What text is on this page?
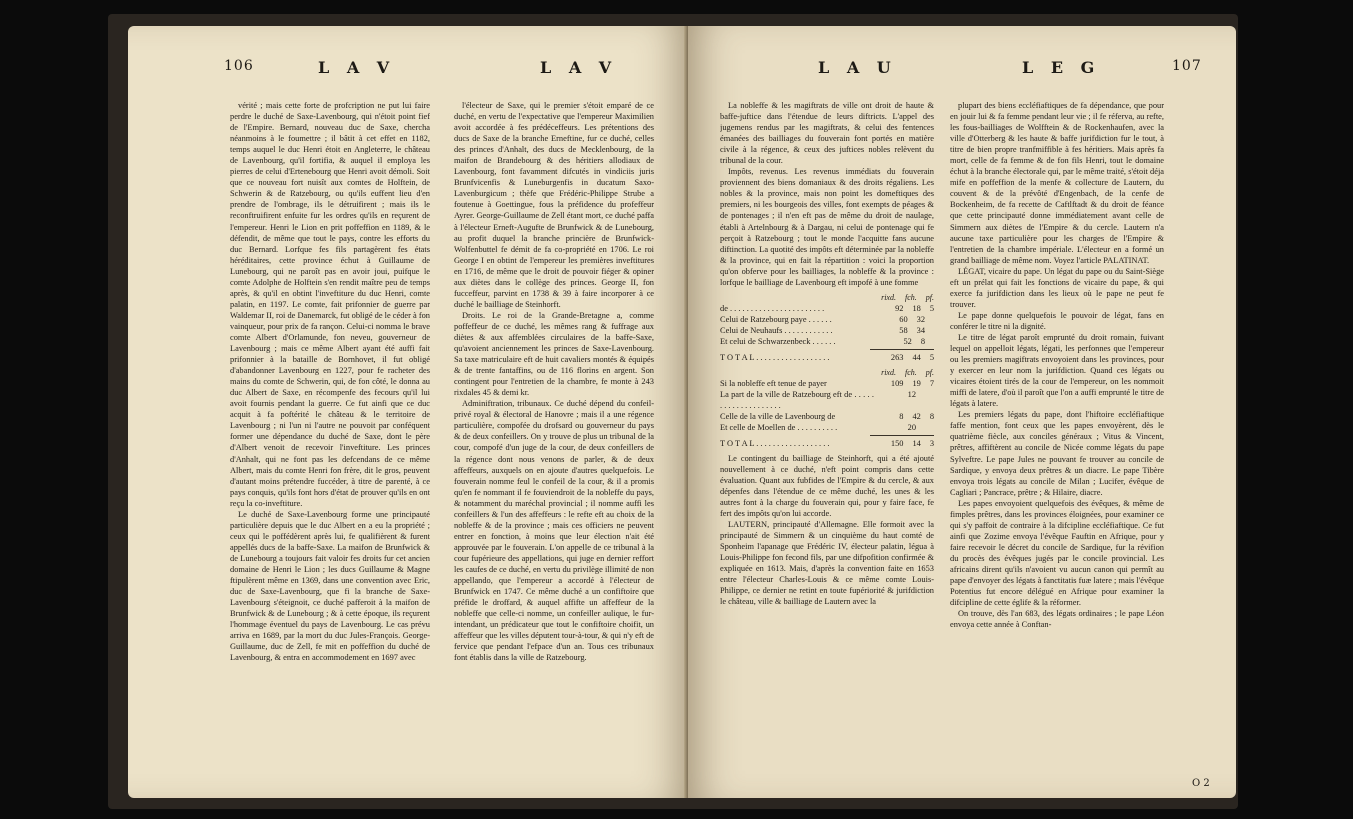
106	L A V	L A V

vérité ; mais cette forte de profcription ne put lui faire perdre le duché de Saxe-Lavenbourg, qui n'étoit point fief de l'Empire. Bernard, nouveau duc de Saxe, chercha néanmoins à le foumettre ; il bâtit à cet effet en 1182, temps auquel le duc Henri étoit en Angleterre, le château de Lavenbourg, qu'il fortifia, & auquel il employa les pierres de celui d'Ertenebourg que Henri avoit démoli. Soit que ce nouveau fort nuisît aux comtes de Holftein, de Schwerin & de Ratzebourg, ou qu'ils euffent lieu d'en prendre de l'ombrage, ils le détruifirent ; mais ils le reconftruifirent enfuite fur les ordres qu'ils en reçurent de l'empereur. Henri le Lion en prit poffeffion en 1189, & le défendit, de même que tout le pays, contre les efforts du duc Bernard. Lorfque fes fils partagèrent fes états héréditaires, cette province échut à Guillaume de Lunebourg, qui ne paroît pas en avoir joui, puifque le comte Adolphe de Holftein s'en rendit maître peu de temps après, & qu'il en obtint l'inveftiture du duc Henri, comte palatin, en 1197. Le comte, fait prifonnier de guerre par Waldemar II, roi de Danemarck, fut obligé de le céder à fon vainqueur, pour prix de fa rançon. Celui-ci nomma le brave comte Albert d'Orlamunde, fon neveu, gouverneur de Lavenbourg ; mais ce même Albert ayant été auffi fait prifonnier à la bataille de Bornhovet, il fut obligé d'abandonner Lavenbourg en 1227, pour fe racheter des mains du comte de Schwerin, qui, de fon côté, le donna au duc Albert de Saxe, en récompenfe des fecours qu'il lui avoit fournis pendant la guerre. Ce fut ainfi que ce duc acquit à fa poftérité le château & le territoire de Lavenbourg ; ni l'un ni l'autre ne pouvoit par conféquent former une dépendance du duché de Saxe, dont le père d'Albert venoit de recevoir l'inveftiture. Les princes d'Anhalt, qui ne font pas les defcendans de ce même Albert, mais du comte Henri fon frère, dit le gros, peuvent d'autant moins prétendre fuccéder, à titre de parenté, à ce pays conquis, qu'ils font hors d'état de prouver qu'ils en ont reçu la co-inveftiture.

Le duché de Saxe-Lavenbourg forme une principauté particulière depuis que le duc Albert en a eu la propriété ; ceux qui le poffédèrent après lui, fe qualifièrent & furent appellés ducs de la baffe-Saxe. La maifon de Brunfwick & de Lunebourg a toujours fait valoir fes droits fur cet ancien domaine de Henri le Lion ; les ducs Guillaume & Magne ftipulèrent même en 1369, dans une convention avec Eric, duc de Saxe-Lavenbourg, que fi la branche de Saxe-Lavenbourg s'éteignoit, ce duché pafferoit à la maifon de Brunfwick & de Lunebourg ; & à cette époque, ils reçurent l'hommage éventuel du pays de Lavenbourg. Le cas prévu arriva en 1689, par la mort du duc Jules-François. George-Guillaume, duc de Zell, fe mit en poffeffion du duché de Lavenbourg, & entra en accommodement en 1697 avec

l'électeur de Saxe, qui le premier s'étoit emparé de ce duché, en vertu de l'expectative que l'empereur Maximilien avoit accordée à fes prédéceffeurs. Les prétentions des ducs de Saxe de la branche Erneftine, fur ce duché, celles des princes d'Anhalt, des ducs de Mecklenbourg, de la maifon de Brandebourg & des héritiers allodiaux de Lavenbourg, font favamment difcutés in vindiciis juris Brunfvicenfis & Luneburgenfis in ducatum Saxo-Lavenburgicum ; thèfe que Frédéric-Philippe Strube a foutenue à Goettingue, fous la préfidence du profeffeur Ayrer. George-Guillaume de Zell étant mort, ce duché paffa à l'électeur Erneft-Augufte de Brunfwick & de Lunebourg, au profit duquel la branche princière de Brunfwick-Wolfenbuttel fe démit de fa co-propriété en 1706. Le roi George I en obtint de l'empereur les premières inveftitures en 1716, de même que le droit de pouvoir fiéger & opiner aux diètes dans le collège des princes. George II, fon fucceffeur, parvint en 1738 & 39 à faire incorporer à ce duché le bailliage de Steinhorft.

Droits. Le roi de la Grande-Bretagne a, comme poffeffeur de ce duché, les mêmes rang & fuffrage aux diètes & aux affemblées circulaires de la baffe-Saxe, qu'avoient anciennement les princes de Saxe-Lavenbourg. Sa taxe matriculaire eft de huit cavaliers montés & équipés & de trente fantaffins, ou de 116 florins en argent. Son contingent pour l'entretien de la chambre, fe monte à 243 rixdales 45 & demi kr.

Adminiftration, tribunaux. Ce duché dépend du confeil-privé royal & électoral de Hanovre ; mais il a une régence particulière, compofée du drofsard ou gouverneur du pays & de deux confeillers. On y trouve de plus un tribunal de la cour, compofé d'un juge de la cour, de deux confeillers de la régence dont nous venons de parler, & de deux affeffeurs, auxquels on en ajoute d'autres quelquefois. Le fouverain nomme feul le confeil de la cour, & il a promis qu'en fe nommant il fe fouviendroit de la nobleffe du pays, & notamment du maréchal provincial ; il nomme auffi les confeillers & l'un des affeffeurs : le refte eft au choix de la nobleffe & de la province ; mais ces officiers ne peuvent entrer en fonction, à moins que leur élection n'ait été approuvée par le fouverain. L'on appelle de ce tribunal à la cour fupérieure des appellations, qui juge en dernier reffort les caufes de ce duché, en vertu du privilège illimité de non appellando, que l'empereur a accordé à l'électeur de Brunfwick en 1747. Ce même duché a un confiftoire que préfide le droffard, & auquel affifte un affeffeur de la nobleffe que celle-ci nomme, un confeiller aulique, le fur-intendant, un prédicateur que tout le confiftoire choifit, un affeffeur que les villes députent tour-à-tour, & qui n'y eft de fervice que pendant l'efpace d'un an. Tous ces tribunaux font établis dans la ville de Ratzebourg.

L A U	L E G	107

La nobleffe & les magiftrats de ville ont droit de haute & baffe-juftice dans l'étendue de leurs diftricts. L'appel des jugemens rendus par les magiftrats, & celui des fentences émanées des bailliages du fouverain font portés en matière civile à la régence, & ceux des juftices nobles relèvent du tribunal de la cour.

Impôts, revenus. Les revenus immédiats du fouverain proviennent des biens domaniaux & des droits régaliens. Les nobles & la province, mais non point les domeftiques des premiers, ni les bourgeois des villes, font exempts de péages & de pontenages ; il n'en eft pas de même du droit de naulage, établi à Artelnbourg & à Dargau, ni celui de pontenage qui fe perçoit à Ratzebourg ; tout le monde l'acquitte fans aucune diftinction. La quotité des impôts eft déterminée par la nobleffe & la province, qui en fait la répartition : voici la proportion qu'on obferve pour les bailliages, la nobleffe & la province : lorfque le bailliage de Lavenbourg eft impofé à une fomme

rixd. fch. pf.
de . . . . . . . . . . . . . . . . . . . . . . .	92 18 5
Celui de Ratzebourg paye . . . . . .	60 32
Celui de Neuhaufs . . . . . . . . . . . .	58 34
Et celui de Schwarzenbeck . . . . . .	52 8
T O T A L . . . . . . . . . . . . . . . . . .	263 44 5
rixd. fch. pf.
Si la nobleffe eft tenue de payer	109 19 7
La part de la ville de Ratzebourg eft de . . . . . . . . . . . . . . . . . . . .
12
Celle de la ville de Lavenbourg de	8 42 8
Et celle de Moellen de . . . . . . . . . .	20
T O T A L . . . . . . . . . . . . . . . . . .	150 14 3

Le contingent du bailliage de Steinhorft, qui a été ajouté nouvellement à ce duché, n'eft point compris dans cette évaluation. Quant aux fubfides de l'Empire & du cercle, & aux dépenfes dans l'étendue de ce même duché, les unes & les autres font à la charge du fouverain qui, pour y faire face, fe fert des impôts qu'on lui accorde.

LAUTERN, principauté d'Allemagne. Elle formoit avec la principauté de Simmern & un cinquième du haut comté de Sponheim l'apanage que Frédéric IV, électeur palatin, légua à Louis-Philippe fon fecond fils, par une difpofition confirmée & expliquée en 1613. Mais, d'après la convention faite en 1653 entre l'électeur Charles-Louis & ce même comte Louis-Philippe, ce dernier ne retint en toute fupériorité & jurifdiction le château, ville & bailliage de Lautern avec la

plupart des biens eccléfiaftiques de fa dépendance, que pour en jouir lui & fa femme pendant leur vie ; il fe réferva, au refte, les fous-bailliages de Wolfftein & de Rockenhaufen, avec la ville d'Otterberg & les haute & baffe jurifdiction fur le tout, à titre de bien propre tranfmiffible à fes héritiers. Mais après fa mort, celle de fa femme & de fon fils Henri, tout le domaine échut à la branche électorale qui, par le même traité, s'étoit déja mife en poffeffion de la menfe & collecture de Lautern, du couvent & de la prévôté d'Engenbach, de la cenfe de Bockenheim, de fa recette de Caftlftadt & du droit de féance que cette principauté donne immédiatement avant celle de Simmern aux diètes de l'Empire & du cercle. Lautern n'a aucune taxe particulière pour les charges de l'Empire & l'entretien de la chambre impériale. L'électeur en a formé un grand bailliage de même nom. Voyez l'article PALATINAT.

LÉGAT, vicaire du pape. Un légat du pape ou du Saint-Siège eft un prélat qui fait les fonctions de vicaire du pape, & qui exerce fa jurifdiction dans les lieux où le pape ne peut fe trouver.

Le pape donne quelquefois le pouvoir de légat, fans en conférer le titre ni la dignité.

Le titre de légat paroît emprunté du droit romain, fuivant lequel on appelloit légats, légati, les perfonnes que l'empereur ou les premiers magiftrats envoyoient dans les provinces, pour y exercer en leur nom la jurifdiction. Quand ces légats ou vicaires étoient tirés de la cour de l'empereur, on les nommoit miffi de latere, d'où il paroît que l'on a auffi emprunté le titre de légats à latere.

Les premiers légats du pape, dont l'hiftoire eccléfiaftique faffe mention, font ceux que les papes envoyèrent, dès le quatrième fiècle, aux conciles généraux ; Vitus & Vincent, prêtres, affiftèrent au concile de Nicée comme légats du pape Sylveftre. Le pape Jules ne pouvant fe trouver au concile de Sardique, y envoya deux prêtres & un diacre. Le pape Tibère envoya trois légats au concile de Milan ; Lucifer, évêque de Cagliari ; Pancrace, prêtre ; & Hilaire, diacre.

Les papes envoyoient quelquefois des évêques, & même de fimples prêtres, dans les provinces éloignées, pour examiner ce qui s'y paffoit de contraire à la difcipline eccléfiaftique. Ce fut ainfi que Zozime envoya l'évêque Fauftin en Afrique, pour y faire recevoir le décret du concile de Sardique, fur la révifion du procès des évêques jugés par le concile provincial. Les africains dirent qu'ils n'avoient vu aucun canon qui permît au pape d'envoyer des légats à fanctitatis fuæ latere ; mais l'évêque Potentius fut encore délégué en Afrique pour examiner la difcipline de cette églife & la réformer.

On trouve, dès l'an 683, des légats ordinaires ; le pape Léon envoya cette année à Conftan-

O 2
